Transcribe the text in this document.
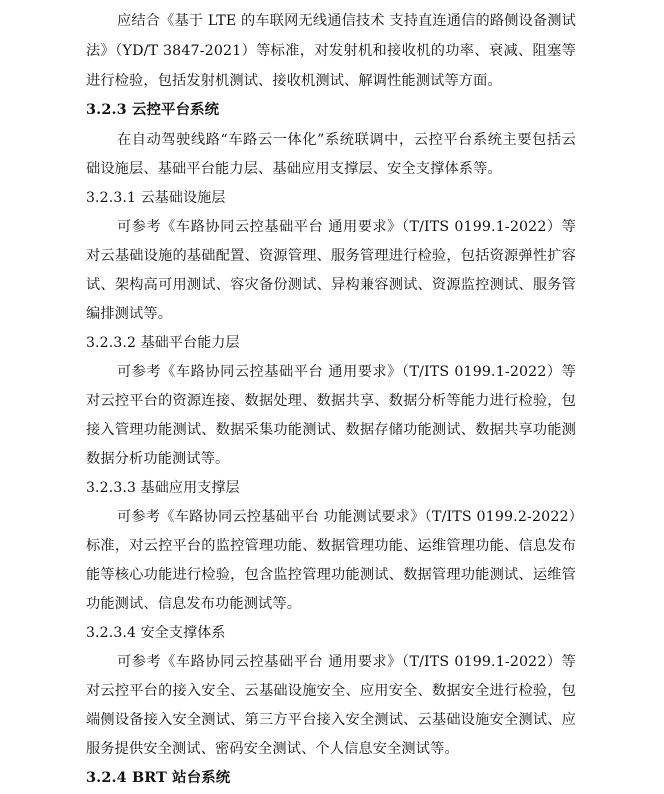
应结合《基于 LTE 的车联网无线通信技术 支持直连通信的路侧设备测试
法》（YD/T 3847-2021）等标准，对发射机和接收机的功率、衰减、阻塞等
进行检验，包括发射机测试、接收机测试、解调性能测试等方面。
3.2.3 云控平台系统
在自动驾驶线路“车路云一体化”系统联调中，云控平台系统主要包括云
础设施层、基础平台能力层、基础应用支撑层、安全支撑体系等。
3.2.3.1 云基础设施层
可参考《车路协同云控基础平台 通用要求》（T/ITS 0199.1-2022）等
对云基础设施的基础配置、资源管理、服务管理进行检验，包括资源弹性扩容
试、架构高可用测试、容灾备份测试、异构兼容测试、资源监控测试、服务管
编排测试等。
3.2.3.2 基础平台能力层
可参考《车路协同云控基础平台 通用要求》（T/ITS 0199.1-2022）等
对云控平台的资源连接、数据处理、数据共享、数据分析等能力进行检验，包
接入管理功能测试、数据采集功能测试、数据存储功能测试、数据共享功能测
数据分析功能测试等。
3.2.3.3 基础应用支撑层
可参考《车路协同云控基础平台 功能测试要求》（T/ITS 0199.2-2022）
标准，对云控平台的监控管理功能、数据管理功能、运维管理功能、信息发布
能等核心功能进行检验，包含监控管理功能测试、数据管理功能测试、运维管
功能测试、信息发布功能测试等。
3.2.3.4 安全支撑体系
可参考《车路协同云控基础平台 通用要求》（T/ITS 0199.1-2022）等
对云控平台的接入安全、云基础设施安全、应用安全、数据安全进行检验，包
端侧设备接入安全测试、第三方平台接入安全测试、云基础设施安全测试、应
服务提供安全测试、密码安全测试、个人信息安全测试等。
3.2.4 BRT 站台系统
